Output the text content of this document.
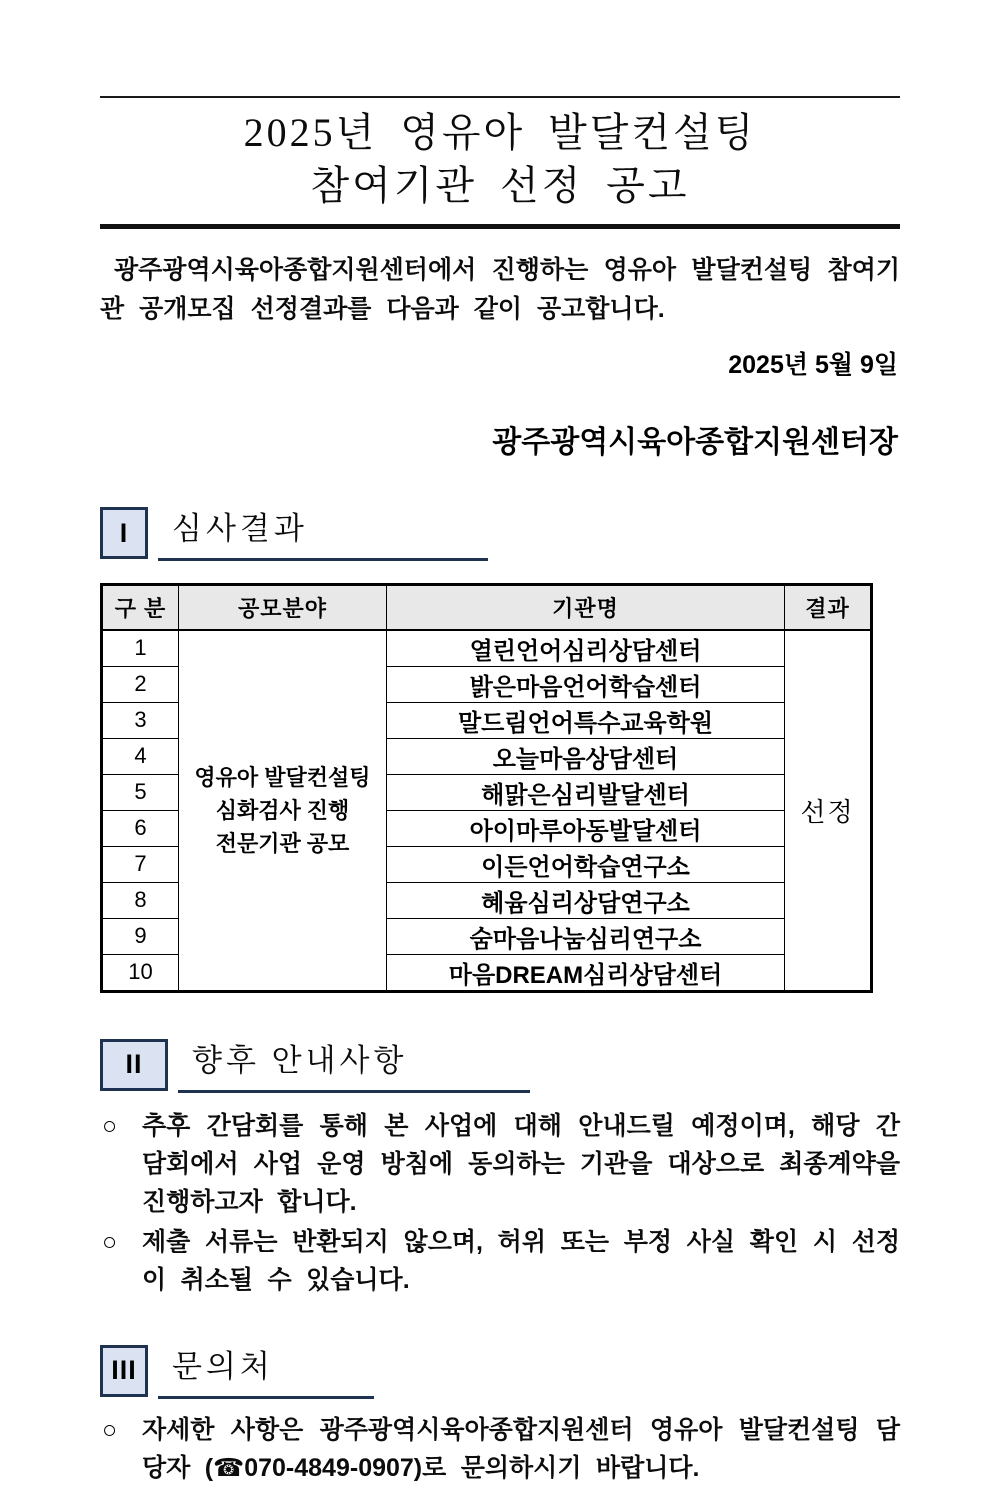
2025년 영유아 발달컨설팅
참여기관 선정 공고

광주광역시육아종합지원센터에서 진행하는 영유아 발달컨설팅 참여기관 공개모집 선정결과를 다음과 같이 공고합니다.

2025년 5월 9일
광주광역시육아종합지원센터장
I	심사결과
구 분	공모분야	기관명	결과
1	영유아 발달컨설팅
심화검사 진행
전문기관 공모	열린언어심리상담센터	선정
2		밝은마음언어학습센터	
3		말드림언어특수교육학원	
4		오늘마음상담센터	
5		해맑은심리발달센터	
6		아이마루아동발달센터	
7		이든언어학습연구소	
8		혜윰심리상담연구소	
9		숨마음나눔심리연구소	
10		마음DREAM심리상담센터	
II	향후 안내사항
○ 추후 간담회를 통해 본 사업에 대해 안내드릴 예정이며, 해당 간담회에서 사업 운영 방침에 동의하는 기관을 대상으로 최종계약을 진행하고자 합니다.
○ 제출 서류는 반환되지 않으며, 허위 또는 부정 사실 확인 시 선정이 취소될 수 있습니다.
III	문의처
○ 자세한 사항은 광주광역시육아종합지원센터 영유아 발달컨설팅 담당자 (☎070-4849-0907)로 문의하시기 바랍니다.
